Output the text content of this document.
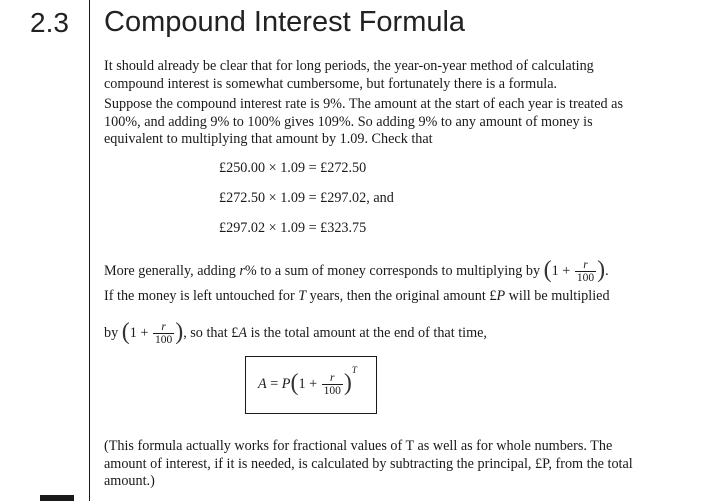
2.3 Compound Interest Formula

It should already be clear that for long periods, the year-on-year method of calculating compound interest is somewhat cumbersome, but fortunately there is a formula.

Suppose the compound interest rate is 9%. The amount at the start of each year is treated as 100%, and adding 9% to 100% gives 109%. So adding 9% to any amount of money is equivalent to multiplying that amount by 1.09. Check that

£250.00 × 1.09 = £272.50
£272.50 × 1.09 = £297.02, and
£297.02 × 1.09 = £323.75
More generally, adding r% to a sum of money corresponds to multiplying by ($1 + \frac{r}{100}$ ).
If the money is left untouched for T years, then the original amount £P will be multiplied
by ($1 + \frac{r}{100}$ ), so that £A is the total amount at the end of that time,
$A = P(1 + \frac{r}{100} )^T$

(This formula actually works for fractional values of T as well as for whole numbers. The amount of interest, if it is needed, is calculated by subtracting the principal, £P, from the total amount.)
